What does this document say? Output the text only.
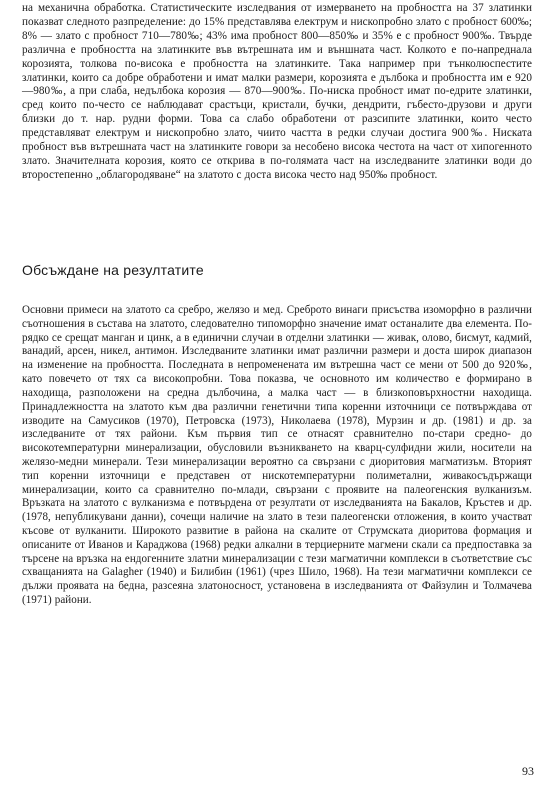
на механична обработка. Статистическите изследвания от измерването на пробностга на 37 златинки показват следното разпределение: до 15% представлява електрум и нископробно злато с пробност 600‰; 8% — злато с пробност 710—780‰; 43% има пробност 800—850‰ и 35% е с пробност 900‰. Твърде различна е пробността на златинките във вътрешната им и външната част. Колкото е по-напреднала корозията, толкова по-висока е пробността на златинките. Така например при тънколюспестите златинки, които са добре обработени и имат малки размери, корозията е дълбока и пробността им е 920—980‰, а при слаба, недълбока корозия — 870—900‰. По-ниска пробност имат по-едрите златинки, сред които по-често се наблюдават срастъци, кристали, бучки, дендрити, гъбесто-друзови и други близки до т. нар. рудни форми. Това са слабо обработени от разсипите златинки, които често представляват електрум и нископробно злато, чиито частта в редки случаи достига 900‰. Ниската пробност във вътрешната част на златинките говори за несобено висока честота на част от хипогенното злато. Значителната корозия, която се открива в по-голямата част на изследваните златинки води до второстепенно „облагородяване“ на златото с доста висока често над 950‰ пробност.

Обсъждане на резултатите

Основни примеси на златото са сребро, желязо и мед. Среброто винаги присъства изоморфно в различни съотношения в състава на златото, следователно типоморфно значение имат останалите два елемента. По-рядко се срещат манган и цинк, а в единични случаи в отделни златинки — живак, олово, бисмут, кадмий, ванадий, арсен, никел, антимон. Изследваните златинки имат различни размери и доста широк диапазон на изменение на пробността. Последната в непроменената им вътрешна част се мени от 500 до 920‰, като повечето от тях са високопробни. Това показва, че основното им количество е формирано в находища, разположени на средна дълбочина, а малка част — в близкоповърхностни находища. Принадлежността на златото към два различни генетични типа коренни източници се потвърждава от изводите на Самусиков (1970), Петровска (1973), Николаева (1978), Мурзин и др. (1981) и др. за изследваните от тях райони. Към първия тип се отнасят сравнително по-стари средно- до високотемпературни минерализации, обусловили възникването на кварц-сулфидни жили, носители на желязо-медни минерали. Тези минерализации вероятно са свързани с диоритовия магматизъм. Вторият тип коренни източници е представен от нискотемпературни полиметални, живакосъдържащи минерализации, които са сравнително по-млади, свързани с проявите на палеогенския вулканизъм. Връзката на златото с вулканизма е потвърдена от резултати от изследванията на Бакалов, Кръстев и др. (1978, непубликувани данни), сочещи наличие на злато в тези палеогенски отложения, в които участват късове от вулканити. Широкото развитие в района на скалите от Струмската диоритова формация и описаните от Иванов и Карaджова (1968) редки алкални в терциерните магмени скали са предпоставка за търсене на връзка на ендогенните златни минерализации с тези магматични комплекси в съответствие със схващанията на Galagher (1940) и Билибин (1961) (чрез Шило, 1968). На тези магматични комплекси се дължи проявата на бедна, разсеяна златоносност, установена в изследванията от Файзулин и Толмачева (1971) райони.

93
